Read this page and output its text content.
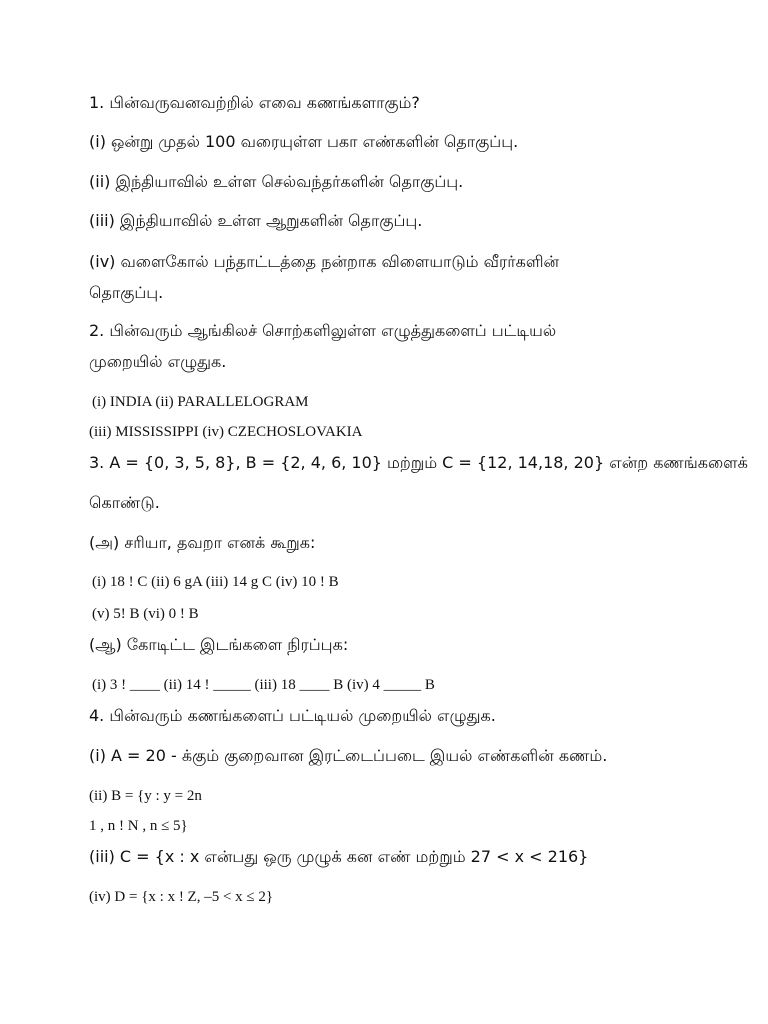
1. பின்வருவனவற்றில் எவை கணங்களாகும்?
(i) ஒன்று முதல் 100 வரையுள்ள பகா எண்களின் தொகுப்பு.
(ii) இந்தியாவில் உள்ள செல்வந்தர்களின் தொகுப்பு.
(iii) இந்தியாவில் உள்ள ஆறுகளின் தொகுப்பு.
(iv) வளைகோல் பந்தாட்டத்தை நன்றாக விளையாடும் வீரர்களின்
தொகுப்பு.
2. பின்வரும் ஆங்கிலச் சொற்களிலுள்ள எழுத்துகளைப் பட்டியல்
முறையில் எழுதுக.
(i) INDIA (ii) PARALLELOGRAM
(iii) MISSISSIPPI (iv) CZECHOSLOVAKIA
3. A = {0, 3, 5, 8}, B = {2, 4, 6, 10} மற்றும் C = {12, 14,18, 20} என்ற கணங்களைக்
கொண்டு.
(அ) சரியா, தவறா எனக் கூறுக:
(i) 18 ! C (ii) 6 gA (iii) 14 g C (iv) 10 ! B
(v) 5! B (vi) 0 ! B
(ஆ) கோடிட்ட இடங்களை நிரப்புக:
(i) 3 ! ____ (ii) 14 ! _____ (iii) 18 ____ B (iv) 4 _____ B
4. பின்வரும் கணங்களைப் பட்டியல் முறையில் எழுதுக.
(i) A = 20 - க்கும் குறைவான இரட்டைப்படை இயல் எண்களின் கணம்.
(ii) B = {y : y = 2n
1 , n ! N , n ≤ 5}
(iii) C = {x : x என்பது ஒரு முழுக் கன எண் மற்றும் 27 < x < 216}
(iv) D = {x : x ! Z, –5 < x ≤ 2}
